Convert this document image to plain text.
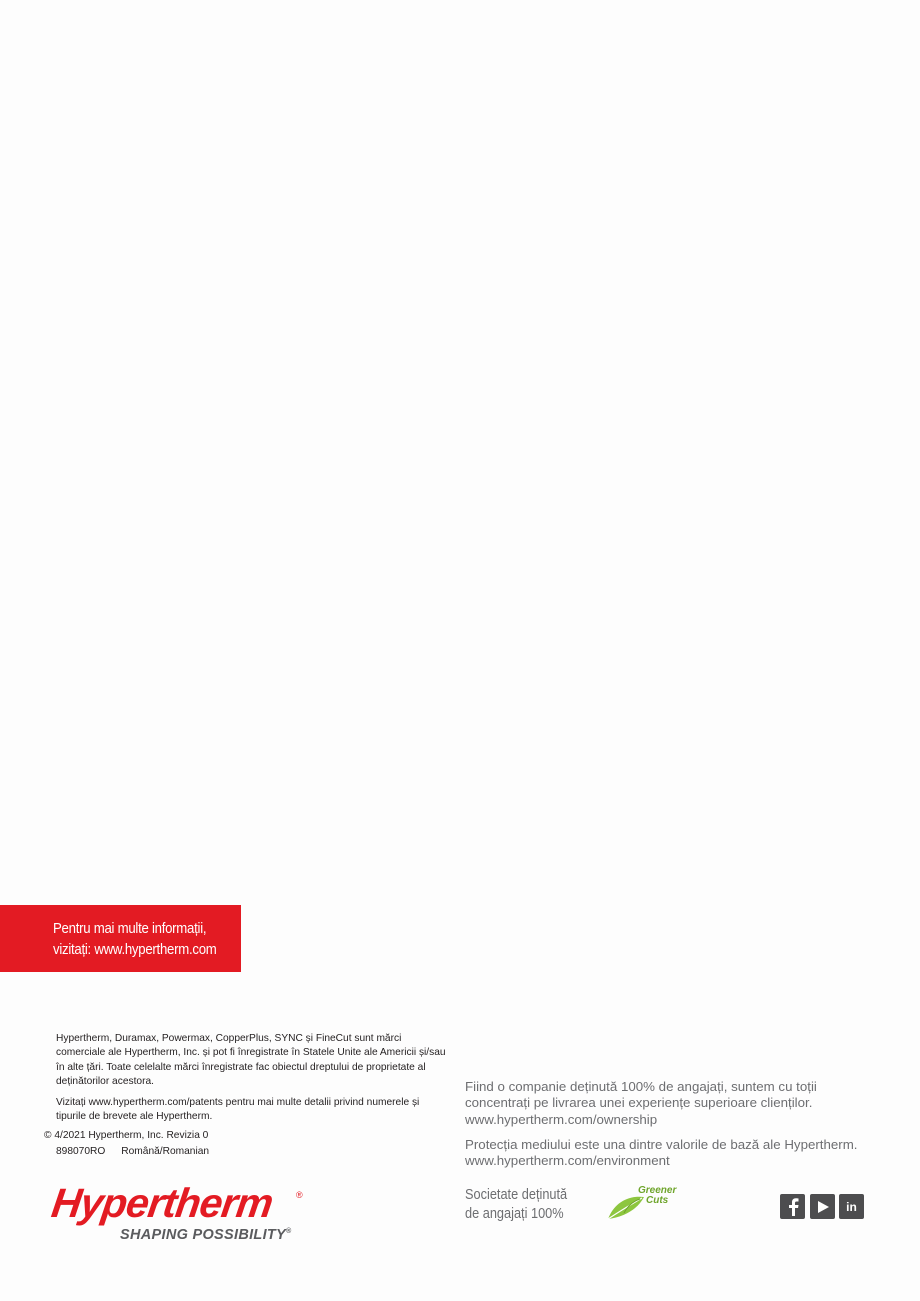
Pentru mai multe informații,
vizitați: www.hypertherm.com

Hypertherm, Duramax, Powermax, CopperPlus, SYNC și FineCut sunt mărci comerciale ale Hypertherm, Inc. și pot fi înregistrate în Statele Unite ale Americii și/sau în alte țări. Toate celelalte mărci înregistrate fac obiectul dreptului de proprietate al deținătorilor acestora.

Vizitați www.hypertherm.com/patents pentru mai multe detalii privind numerele și tipurile de brevete ale Hypertherm.

© 4/2021 Hypertherm, Inc. Revizia 0
898070RO Română/Romanian

Fiind o companie deținută 100% de angajați, suntem cu toții concentrați pe livrarea unei experiențe superioare clienților.
www.hypertherm.com/ownership

Protecția mediului este una dintre valorile de bază ale Hypertherm.
www.hypertherm.com/environment

Hypertherm ®
SHAPING POSSIBILITY®
Societate deținută
de angajați 100%
Greener
Cuts	in
